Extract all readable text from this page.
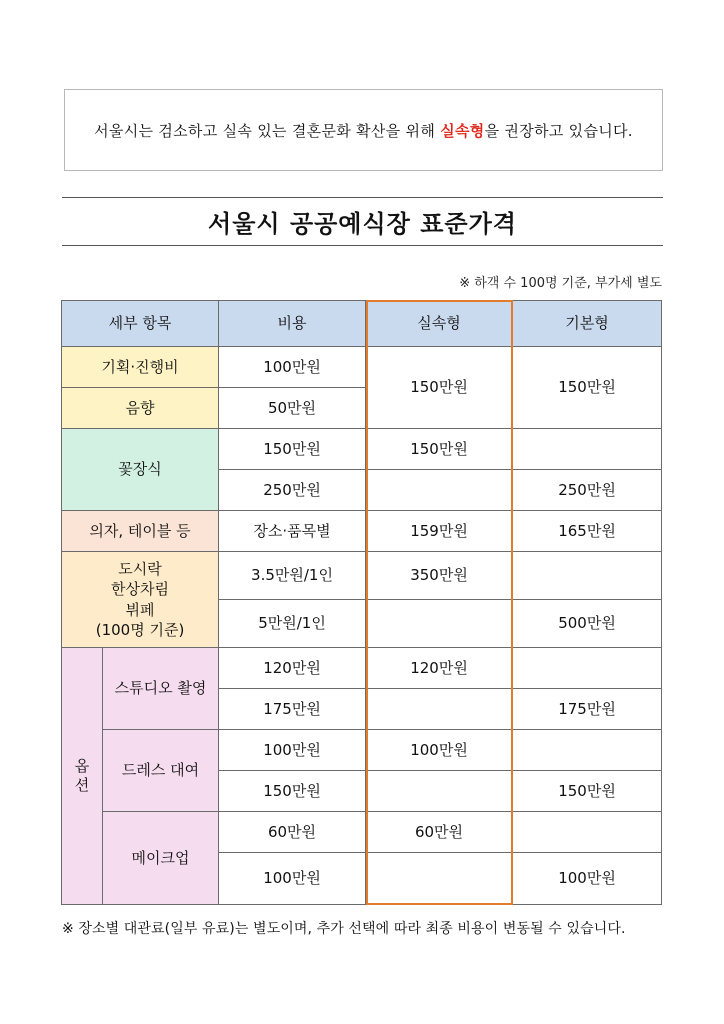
서울시는 검소하고 실속 있는 결혼문화 확산을 위해 실속형을 권장하고 있습니다.
서울시 공공예식장 표준가격
※ 하객 수 100명 기준, 부가세 별도
세부 항목		비용	실속형	기본형
기획·진행비		100만원	150만원	150만원
음향		50만원		
꽃장식		150만원	150만원	
		250만원		250만원
의자, 테이블 등		장소·품목별	159만원	165만원

도시락
한상차림
뷔페
(100명 기준)		3.5만원/1인	350만원	
		5만원/1인		500만원
옵
션	스튜디오 촬영	120만원	120만원	
		175만원		175만원
	드레스 대여	100만원	100만원	
		150만원		150만원
	메이크업	60만원	60만원	
		100만원		100만원
※ 장소별 대관료(일부 유료)는 별도이며, 추가 선택에 따라 최종 비용이 변동될 수 있습니다.
